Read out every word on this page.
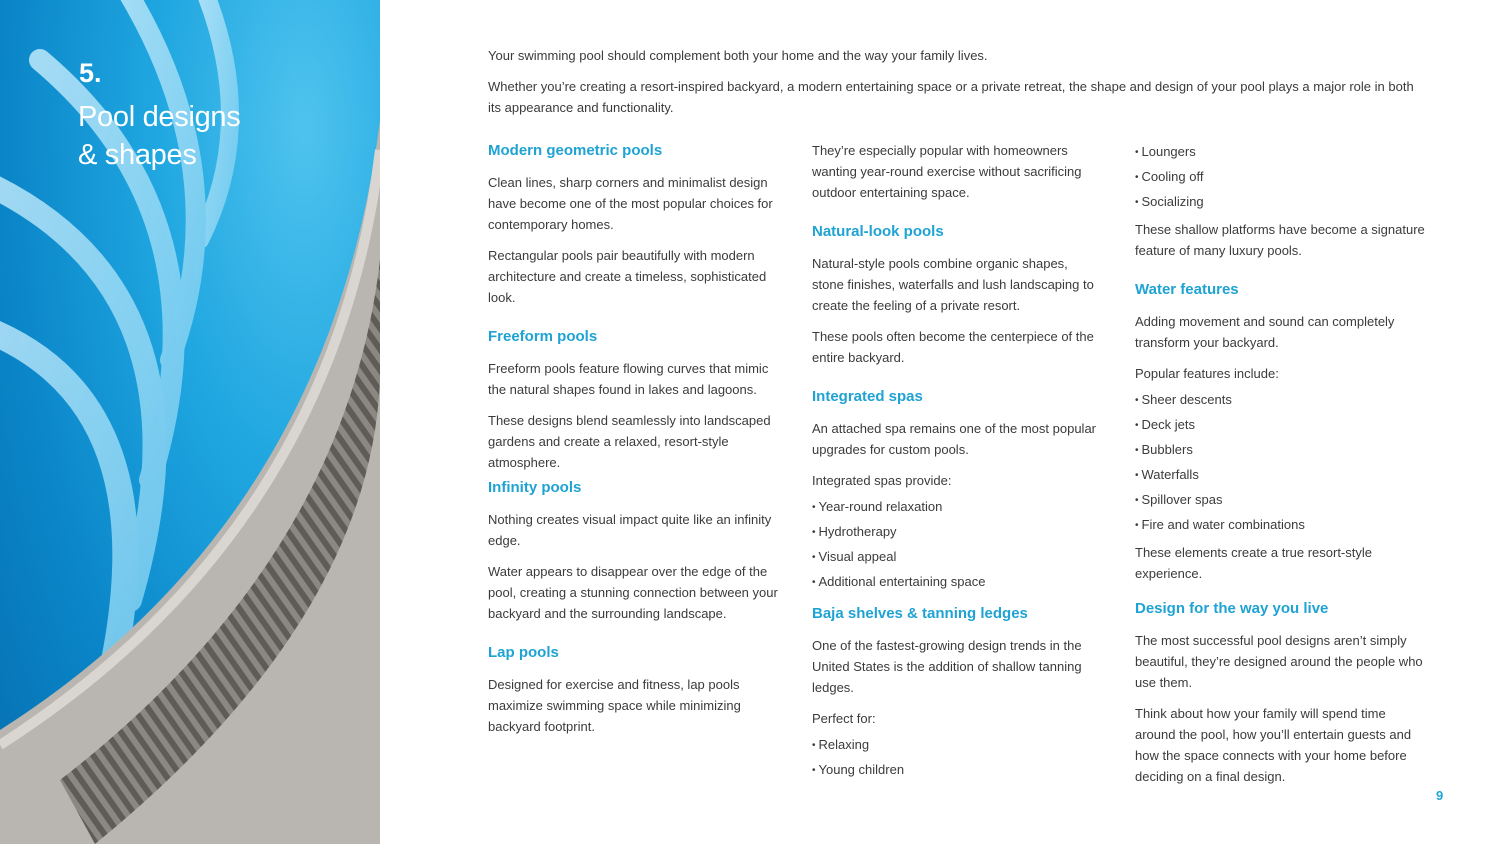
5.
Pool designs
& shapes

Your swimming pool should complement both your home and the way your family lives.

Whether you’re creating a resort-inspired backyard, a modern entertaining space or a private retreat, the shape and design of your pool plays a major role in both its appearance and functionality.

Modern geometric pools

Clean lines, sharp corners and minimalist design have become one of the most popular choices for contemporary homes.

Rectangular pools pair beautifully with modern architecture and create a timeless, sophisticated look.

Freeform pools

Freeform pools feature flowing curves that mimic the natural shapes found in lakes and lagoons.

These designs blend seamlessly into landscaped gardens and create a relaxed, resort-style atmosphere.

Infinity pools

Nothing creates visual impact quite like an infinity edge.

Water appears to disappear over the edge of the pool, creating a stunning connection between your backyard and the surrounding landscape.

Lap pools

Designed for exercise and fitness, lap pools maximize swimming space while minimizing backyard footprint.

They’re especially popular with homeowners wanting year-round exercise without sacrificing outdoor entertaining space.

Natural-look pools

Natural-style pools combine organic shapes, stone finishes, waterfalls and lush landscaping to create the feeling of a private resort.

These pools often become the centerpiece of the entire backyard.

Integrated spas

An attached spa remains one of the most popular upgrades for custom pools.

Integrated spas provide:

• Year-round relaxation
• Hydrotherapy
• Visual appeal
• Additional entertaining space
Baja shelves & tanning ledges

One of the fastest-growing design trends in the United States is the addition of shallow tanning ledges.

Perfect for:

• Relaxing
• Young children
• Loungers
• Cooling off
• Socializing

These shallow platforms have become a signature feature of many luxury pools.

Water features

Adding movement and sound can completely transform your backyard.

Popular features include:

• Sheer descents
• Deck jets
• Bubblers
• Waterfalls
• Spillover spas
• Fire and water combinations

These elements create a true resort-style experience.

Design for the way you live

The most successful pool designs aren’t simply beautiful, they’re designed around the people who use them.

Think about how your family will spend time around the pool, how you’ll entertain guests and how the space connects with your home before deciding on a final design.

9
